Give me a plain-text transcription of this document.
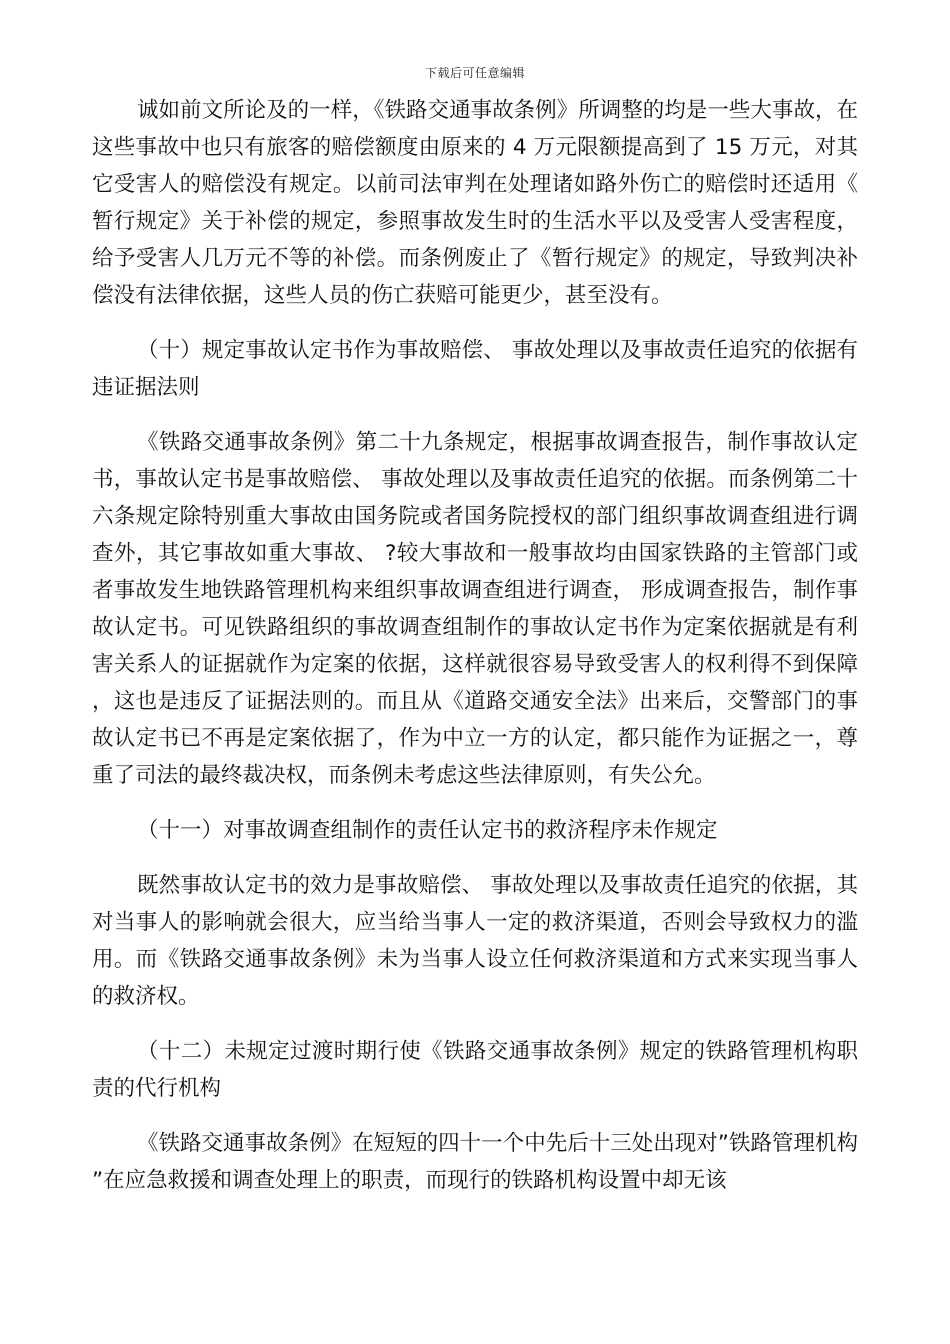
下载后可任意编辑

诚如前文所论及的一样，《铁路交通事故条例》所调整的均是一些大事故，在这些事故中也只有旅客的赔偿额度由原来的 4 万元限额提高到了 15 万元，对其它受害人的赔偿没有规定。以前司法审判在处理诸如路外伤亡的赔偿时还适用《暂行规定》关于补偿的规定，参照事故发生时的生活水平以及受害人受害程度，给予受害人几万元不等的补偿。而条例废止了《暂行规定》的规定，导致判决补偿没有法律依据，这些人员的伤亡获赔可能更少，甚至没有。

（十）规定事故认定书作为事故赔偿、 事故处理以及事故责任追究的依据有违证据法则

《铁路交通事故条例》第二十九条规定，根据事故调查报告，制作事故认定书，事故认定书是事故赔偿、 事故处理以及事故责任追究的依据。而条例第二十六条规定除特别重大事故由国务院或者国务院授权的部门组织事故调查组进行调查外，其它事故如重大事故、 ?较大事故和一般事故均由国家铁路的主管部门或者事故发生地铁路管理机构来组织事故调查组进行调查， 形成调查报告，制作事故认定书。可见铁路组织的事故调查组制作的事故认定书作为定案依据就是有利害关系人的证据就作为定案的依据，这样就很容易导致受害人的权利得不到保障，这也是违反了证据法则的。而且从《道路交通安全法》出来后，交警部门的事故认定书已不再是定案依据了，作为中立一方的认定，都只能作为证据之一，尊重了司法的最终裁决权，而条例未考虑这些法律原则，有失公允。

（十一）对事故调查组制作的责任认定书的救济程序未作规定

既然事故认定书的效力是事故赔偿、 事故处理以及事故责任追究的依据，其对当事人的影响就会很大，应当给当事人一定的救济渠道，否则会导致权力的滥用。而《铁路交通事故条例》未为当事人设立任何救济渠道和方式来实现当事人的救济权。

（十二）未规定过渡时期行使《铁路交通事故条例》规定的铁路管理机构职责的代行机构

《铁路交通事故条例》在短短的四十一个中先后十三处出现对”铁路管理机构”在应急救援和调查处理上的职责，而现行的铁路机构设置中却无该
